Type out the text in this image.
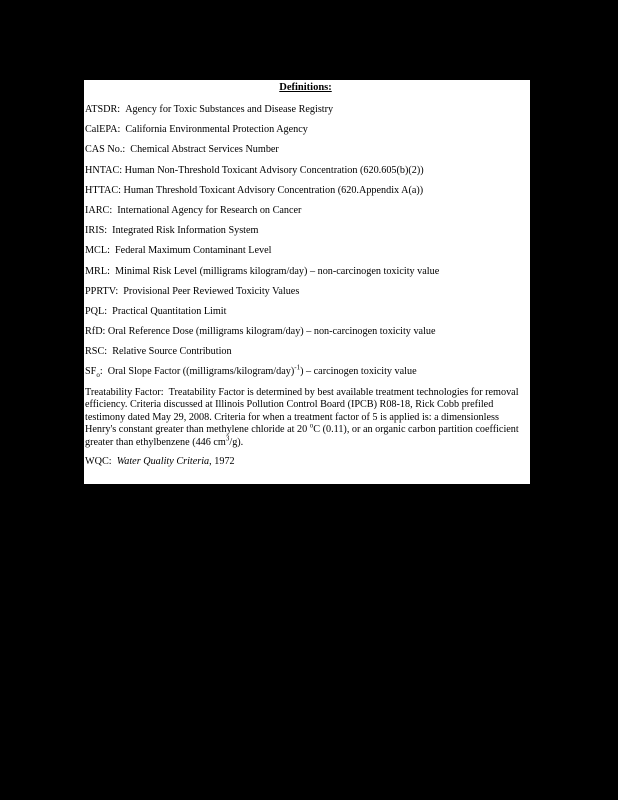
Definitions:
ATSDR: Agency for Toxic Substances and Disease Registry
CalEPA: California Environmental Protection Agency
CAS No.: Chemical Abstract Services Number
HNTAC: Human Non-Threshold Toxicant Advisory Concentration (620.605(b)(2))
HTTAC: Human Threshold Toxicant Advisory Concentration (620.Appendix A(a))
IARC: International Agency for Research on Cancer
IRIS: Integrated Risk Information System
MCL: Federal Maximum Contaminant Level
MRL: Minimal Risk Level (milligrams kilogram/day) – non-carcinogen toxicity value
PPRTV: Provisional Peer Reviewed Toxicity Values
PQL: Practical Quantitation Limit
RfD: Oral Reference Dose (milligrams kilogram/day) – non-carcinogen toxicity value
RSC: Relative Source Contribution
$SF_o$: Oral Slope Factor ((milligrams/kilogram/day)$^{-1}$) – carcinogen toxicity value
Treatability Factor: Treatability Factor is determined by best available treatment technologies for removal efficiency. Criteria discussed at Illinois Pollution Control Board (IPCB) R08-18, Rick Cobb prefiled testimony dated May 29, 2008. Criteria for when a treatment factor of 5 is applied is: a dimensionless Henry's constant greater than methylene chloride at 20 $^o$C (0.11), or an organic carbon partition coefficient greater than ethylbenzene (446 $cm^3/g$).
WQC: Water Quality Criteria, 1972
